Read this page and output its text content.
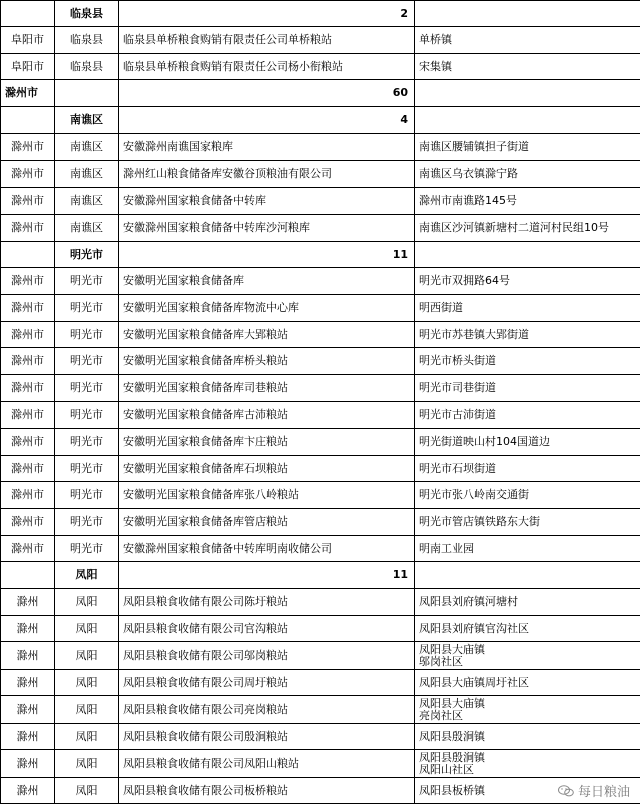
	临泉县	2	
阜阳市	临泉县	临泉县单桥粮食购销有限责任公司单桥粮站	单桥镇
阜阳市	临泉县	临泉县单桥粮食购销有限责任公司杨小衔粮站	宋集镇
滁州市		60	
	南谯区	4	
滁州市	南谯区	安徽滁州南谯国家粮库	南谯区腰铺镇担子街道
滁州市	南谯区	滁州红山粮食储备库安徽谷顶粮油有限公司	南谯区乌衣镇滁宁路
滁州市	南谯区	安徽滁州国家粮食储备中转库	滁州市南谯路145号
滁州市	南谯区	安徽滁州国家粮食储备中转库沙河粮库	南谯区沙河镇新塘村二道河村民组10号
	明光市	11	
滁州市	明光市	安徽明光国家粮食储备库	明光市双拥路64号
滁州市	明光市	安徽明光国家粮食储备库物流中心库	明西街道
滁州市	明光市	安徽明光国家粮食储备库大郢粮站	明光市苏巷镇大郢街道
滁州市	明光市	安徽明光国家粮食储备库桥头粮站	明光市桥头街道
滁州市	明光市	安徽明光国家粮食储备库司巷粮站	明光市司巷街道
滁州市	明光市	安徽明光国家粮食储备库古沛粮站	明光市古沛街道
滁州市	明光市	安徽明光国家粮食储备库卞庄粮站	明光街道映山村104国道边
滁州市	明光市	安徽明光国家粮食储备库石坝粮站	明光市石坝街道
滁州市	明光市	安徽明光国家粮食储备库张八岭粮站	明光市张八岭南交通街
滁州市	明光市	安徽明光国家粮食储备库管店粮站	明光市管店镇铁路东大街
滁州市	明光市	安徽滁州国家粮食储备中转库明南收储公司	明南工业园
	凤阳	11	
滁州	凤阳	凤阳县粮食收储有限公司陈圩粮站	凤阳县刘府镇河塘村
滁州	凤阳	凤阳县粮食收储有限公司官沟粮站	凤阳县刘府镇官沟社区
滁州	凤阳	凤阳县粮食收储有限公司邬岗粮站	凤阳县大庙镇
邬岗社区
滁州	凤阳	凤阳县粮食收储有限公司周圩粮站	凤阳县大庙镇周圩社区
滁州	凤阳	凤阳县粮食收储有限公司亮岗粮站	凤阳县大庙镇
亮岗社区
滁州	凤阳	凤阳县粮食收储有限公司殷涧粮站	凤阳县殷涧镇
滁州	凤阳	凤阳县粮食收储有限公司凤阳山粮站	凤阳县殷涧镇
凤阳山社区
滁州	凤阳	凤阳县粮食收储有限公司板桥粮站	凤阳县板桥镇	每日粮油
